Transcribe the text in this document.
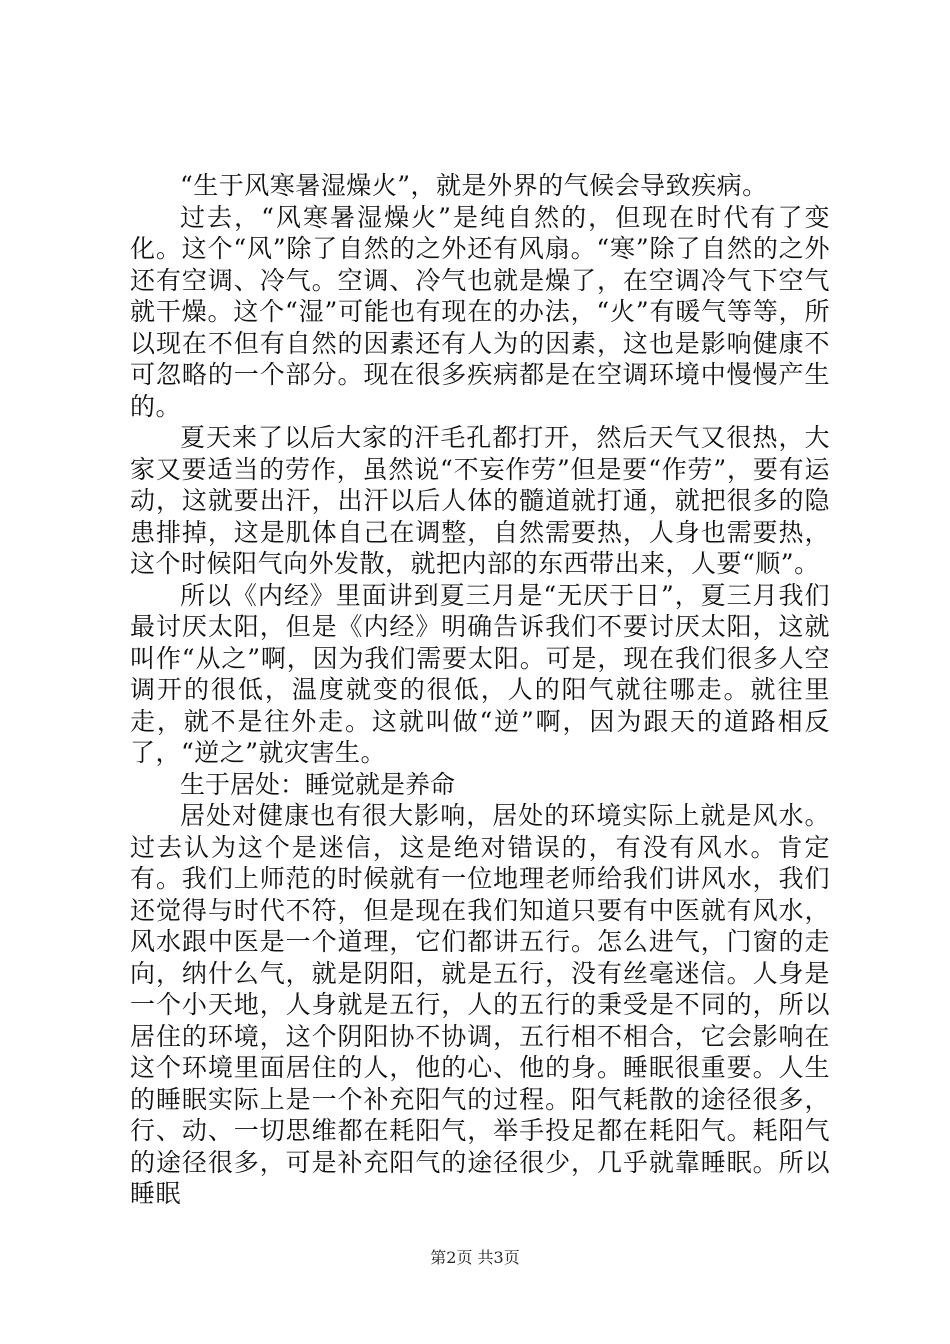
“生于风寒暑湿燥火”，就是外界的气候会导致疾病。

过去，“风寒暑湿燥火”是纯自然的，但现在时代有了变化。这个“风”除了自然的之外还有风扇。“寒”除了自然的之外还有空调、冷气。空调、冷气也就是燥了，在空调冷气下空气就干燥。这个“湿”可能也有现在的办法，“火”有暖气等等，所以现在不但有自然的因素还有人为的因素，这也是影响健康不可忽略的一个部分。现在很多疾病都是在空调环境中慢慢产生的。

夏天来了以后大家的汗毛孔都打开，然后天气又很热，大家又要适当的劳作，虽然说“不妄作劳”但是要“作劳”，要有运动，这就要出汗，出汗以后人体的髓道就打通，就把很多的隐患排掉，这是肌体自己在调整，自然需要热，人身也需要热，这个时候阳气向外发散，就把内部的东西带出来，人要“顺”。

所以《内经》里面讲到夏三月是“无厌于日”，夏三月我们最讨厌太阳，但是《内经》明确告诉我们不要讨厌太阳，这就叫作“从之”啊，因为我们需要太阳。可是，现在我们很多人空调开的很低，温度就变的很低，人的阳气就往哪走。就往里走，就不是往外走。这就叫做“逆”啊，因为跟天的道路相反了，“逆之”就灾害生。

生于居处：睡觉就是养命

居处对健康也有很大影响，居处的环境实际上就是风水。过去认为这个是迷信，这是绝对错误的，有没有风水。肯定有。我们上师范的时候就有一位地理老师给我们讲风水，我们还觉得与时代不符，但是现在我们知道只要有中医就有风水，风水跟中医是一个道理，它们都讲五行。怎么进气，门窗的走向，纳什么气，就是阴阳，就是五行，没有丝毫迷信。人身是一个小天地，人身就是五行，人的五行的秉受是不同的，所以居住的环境，这个阴阳协不协调，五行相不相合，它会影响在这个环境里面居住的人，他的心、他的身。睡眠很重要。人生的睡眠实际上是一个补充阳气的过程。阳气耗散的途径很多，行、动、一切思维都在耗阳气，举手投足都在耗阳气。耗阳气的途径很多，可是补充阳气的途径很少，几乎就靠睡眠。所以睡眠

第2页 共3页
